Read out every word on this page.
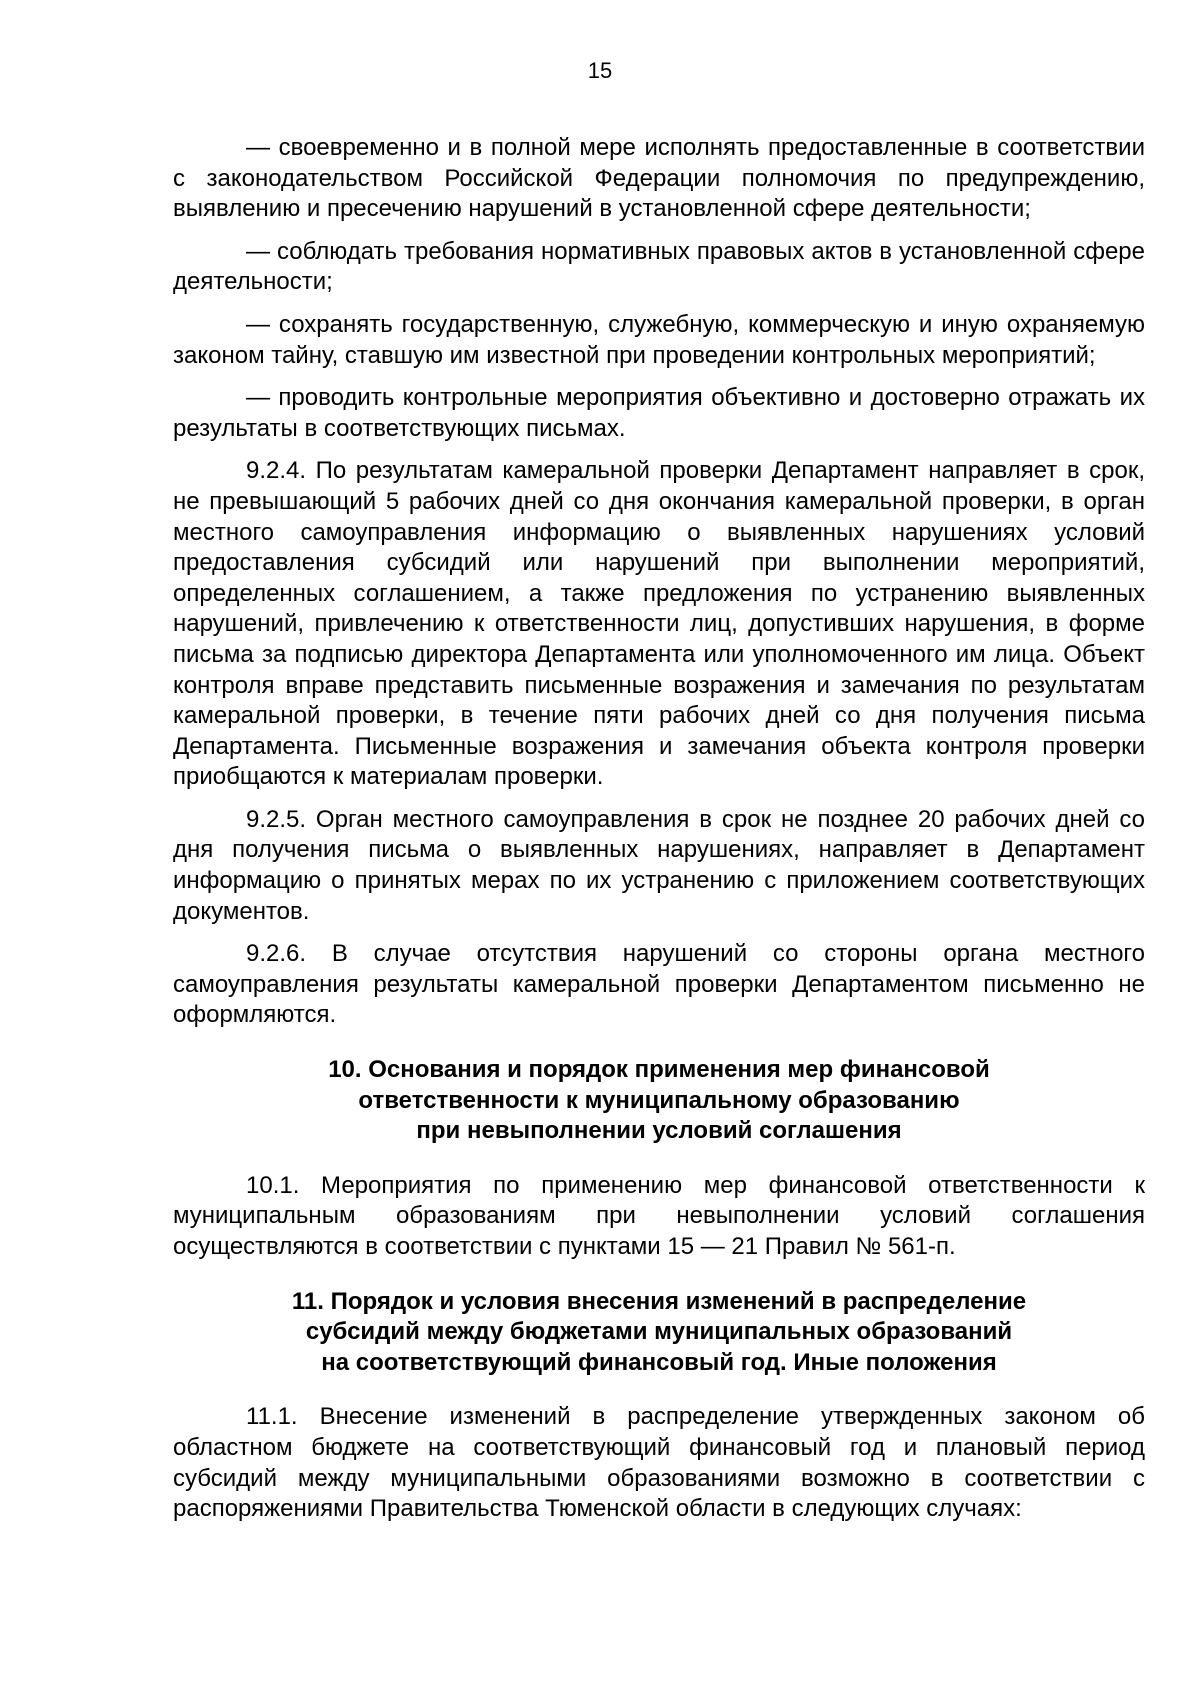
15

— своевременно и в полной мере исполнять предоставленные в соответствии с законодательством Российской Федерации полномочия по предупреждению, выявлению и пресечению нарушений в установленной сфере деятельности;

— соблюдать требования нормативных правовых актов в установленной сфере деятельности;

— сохранять государственную, служебную, коммерческую и иную охраняемую законом тайну, ставшую им известной при проведении контрольных мероприятий;

— проводить контрольные мероприятия объективно и достоверно отражать их результаты в соответствующих письмах.

9.2.4. По результатам камеральной проверки Департамент направляет в срок, не превышающий 5 рабочих дней со дня окончания камеральной проверки, в орган местного самоуправления информацию о выявленных нарушениях условий предоставления субсидий или нарушений при выполнении мероприятий, определенных соглашением, а также предложения по устранению выявленных нарушений, привлечению к ответственности лиц, допустивших нарушения, в форме письма за подписью директора Департамента или уполномоченного им лица. Объект контроля вправе представить письменные возражения и замечания по результатам камеральной проверки, в течение пяти рабочих дней со дня получения письма Департамента. Письменные возражения и замечания объекта контроля проверки приобщаются к материалам проверки.

9.2.5. Орган местного самоуправления в срок не позднее 20 рабочих дней со дня получения письма о выявленных нарушениях, направляет в Департамент информацию о принятых мерах по их устранению с приложением соответствующих документов.

9.2.6. В случае отсутствия нарушений со стороны органа местного самоуправления результаты камеральной проверки Департаментом письменно не оформляются.

10. Основания и порядок применения мер финансовой
ответственности к муниципальному образованию
при невыполнении условий соглашения

10.1. Мероприятия по применению мер финансовой ответственности к муниципальным образованиям при невыполнении условий соглашения осуществляются в соответствии с пунктами 15 — 21 Правил № 561-п.

11. Порядок и условия внесения изменений в распределение
субсидий между бюджетами муниципальных образований
на соответствующий финансовый год. Иные положения

11.1. Внесение изменений в распределение утвержденных законом об областном бюджете на соответствующий финансовый год и плановый период субсидий между муниципальными образованиями возможно в соответствии с распоряжениями Правительства Тюменской области в следующих случаях:
